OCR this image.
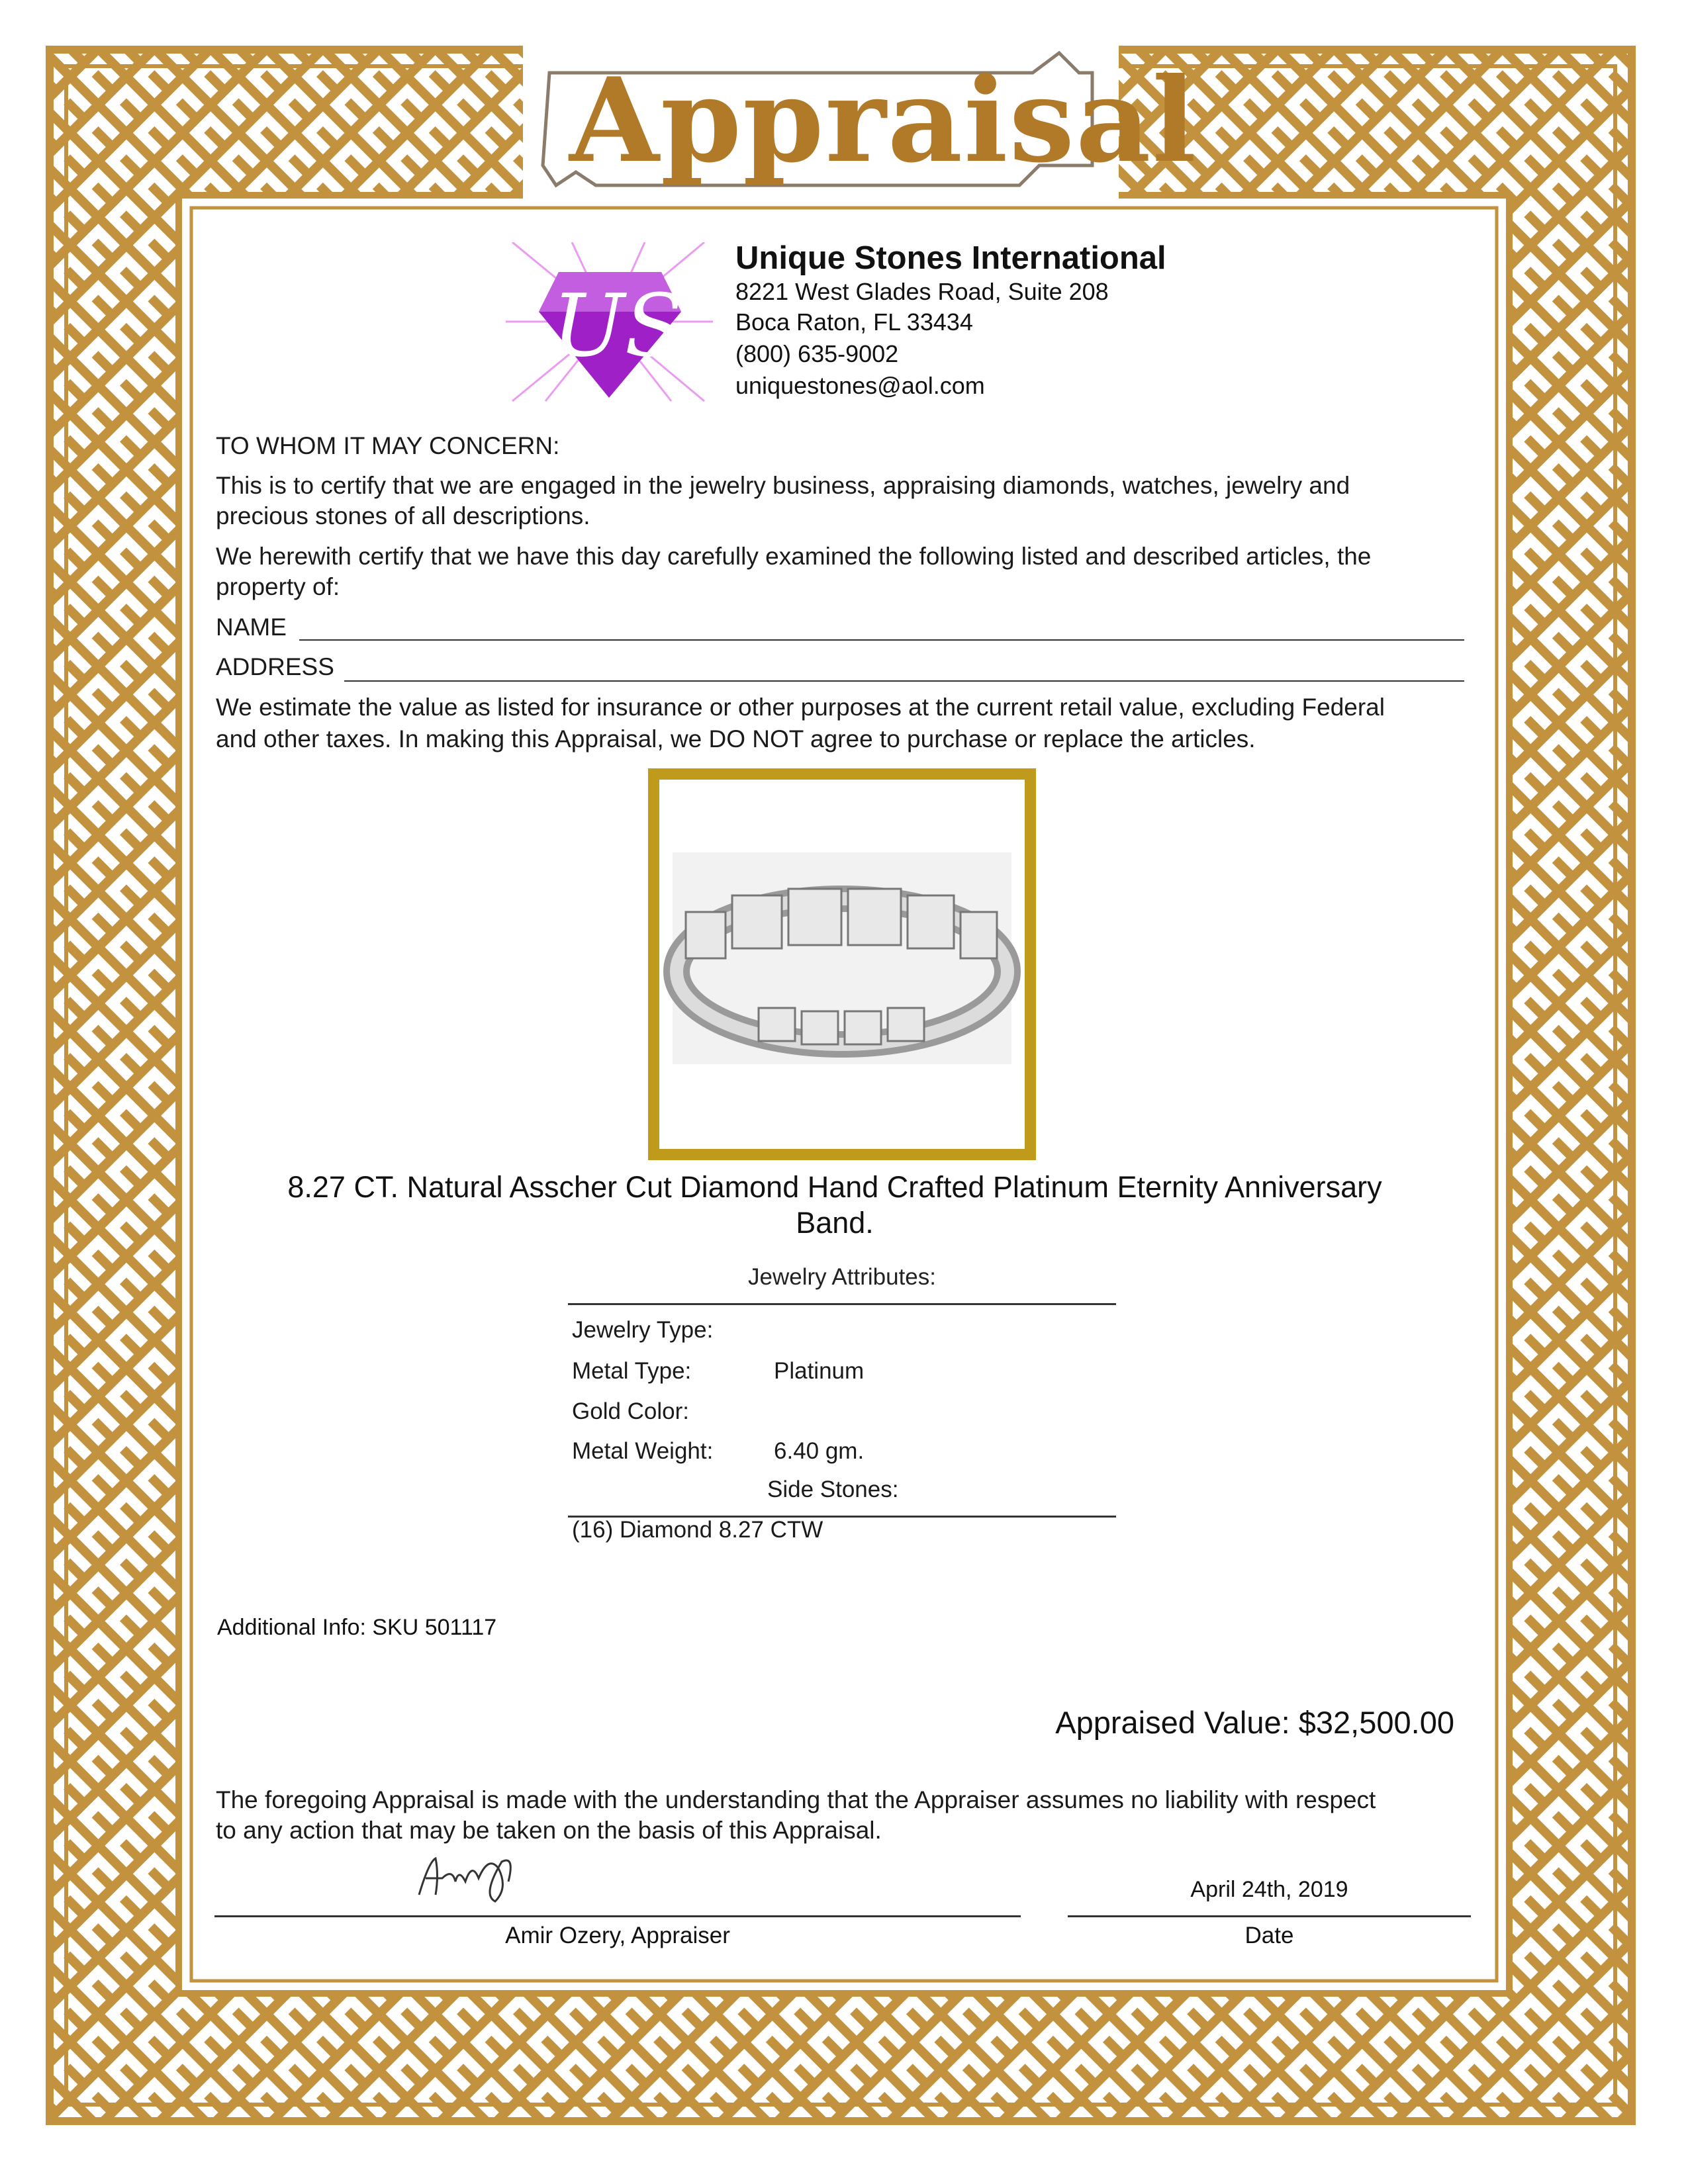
Appraisal
US
Unique Stones International
8221 West Glades Road, Suite 208
Boca Raton, FL 33434
(800) 635-9002
uniquestones@aol.com
TO WHOM IT MAY CONCERN:
This is to certify that we are engaged in the jewelry business, appraising diamonds, watches, jewelry and
precious stones of all descriptions.
We herewith certify that we have this day carefully examined the following listed and described articles, the
property of:
NAME
ADDRESS
We estimate the value as listed for insurance or other purposes at the current retail value, excluding Federal
and other taxes. In making this Appraisal, we DO NOT agree to purchase or replace the articles.
8.27 CT. Natural Asscher Cut Diamond Hand Crafted Platinum Eternity Anniversary
Band.
Jewelry Attributes:
Jewelry Type:
Metal Type:	Platinum
Gold Color:
Metal Weight:	6.40 gm.
Side Stones:
(16) Diamond 8.27 CTW
Additional Info: SKU 501117
Appraised Value: $32,500.00
The foregoing Appraisal is made with the understanding that the Appraiser assumes no liability with respect
to any action that may be taken on the basis of this Appraisal.
April 24th, 2019
Amir Ozery, Appraiser	Date
